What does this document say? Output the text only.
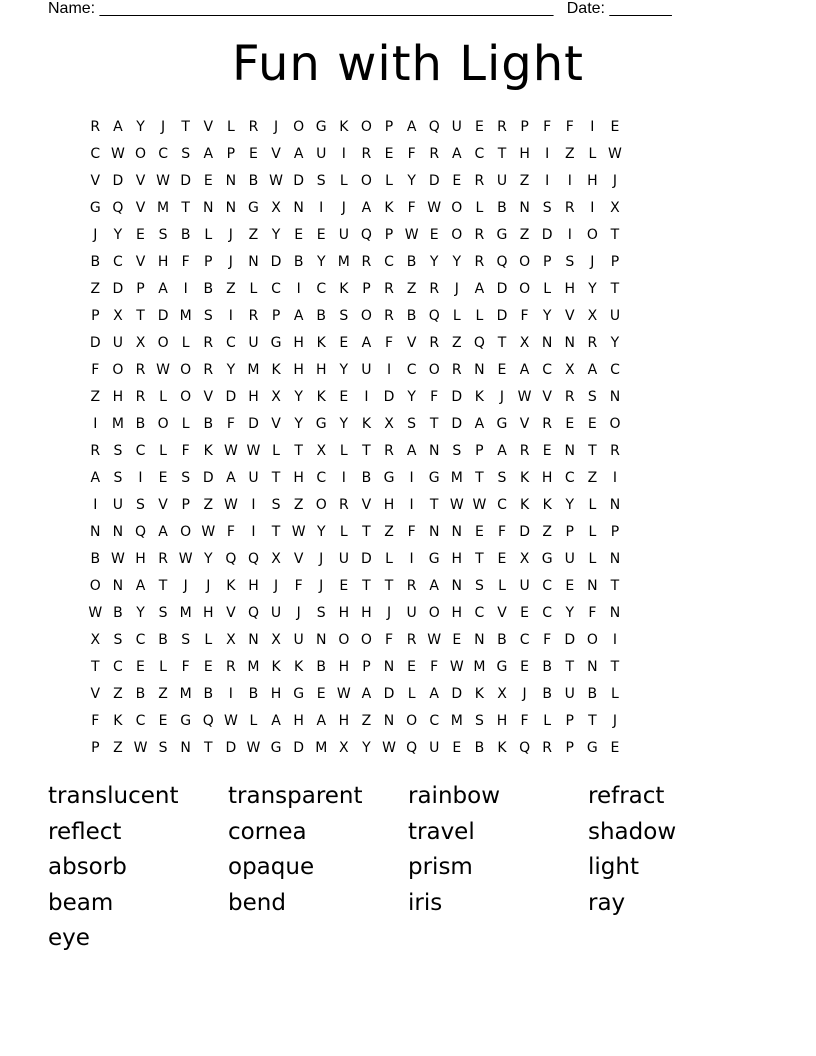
Name: ___________________________________________________ Date: _______
Fun with Light
R A Y	J	T V L R	J	O G K O P A Q U E R P	F	F	I	E
C W O C S A P E V A U	I	R E	F R A C T H	I	Z L W
V D V W D E N B W D S	L O L	Y D E R U Z	I	I	H	J
G Q V M T N N G X N	I	J	A K F W O L B N S R	I	X
J	Y E S B L	J	Z Y E E U Q P W E O R G Z D	I	O T
B C V H F	P	J	N D B Y M R C B Y	Y R Q O P S	J	P
Z D P A	I	B Z L C	I	C K P R Z R	J	A D O L H Y	T
P X T D M S	I	R P A B S O R B Q L	L D F	Y V X U
D U X O L R C U G H K E A F V R Z Q T X N N R Y
F O R W O R Y M K H H Y U	I	C O R N E A C X A C
Z H R L O V D H X Y K E	I	D Y	F D K	J W V R S N
I	M B O L B F D V Y G Y K X S T D A G V R E E O
R S C L	F K W W L	T X L	T R A N S P A R E N T R
A S	I	E S D A U T H C	I	B G	I	G M T S K H C Z	I
I	U S V P Z W I	S Z O R V H	I	T W W C K K Y	L N
N N Q A O W F	I	T W Y	L	T Z F N N E	F D Z P	L	P
B W H R W Y Q Q X V	J	U D L	I	G H T E X G U L N
O N A T	J	J	K H	J	F	J	E T	T R A N S	L U C E N T
W B Y S M H V Q U	J	S H H	J	U O H C V E C Y	F N
X S C B S	L X N X U N O O F R W E N B C F D O	I
T C E	L	F	E R M K K B H P N E	F W M G E B T N T
V Z B Z M B	I	B H G E W A D L A D K X	J	B U B L
F K C E G Q W L A H A H Z N O C M S H F	L	P	T	J
P Z W S N T D W G D M X Y W Q U E B K Q R P G E
translucent	transparent	rainbow	refract
reflect	cornea	travel	shadow
absorb	opaque	prism	light
beam	bend	iris	ray
eye
